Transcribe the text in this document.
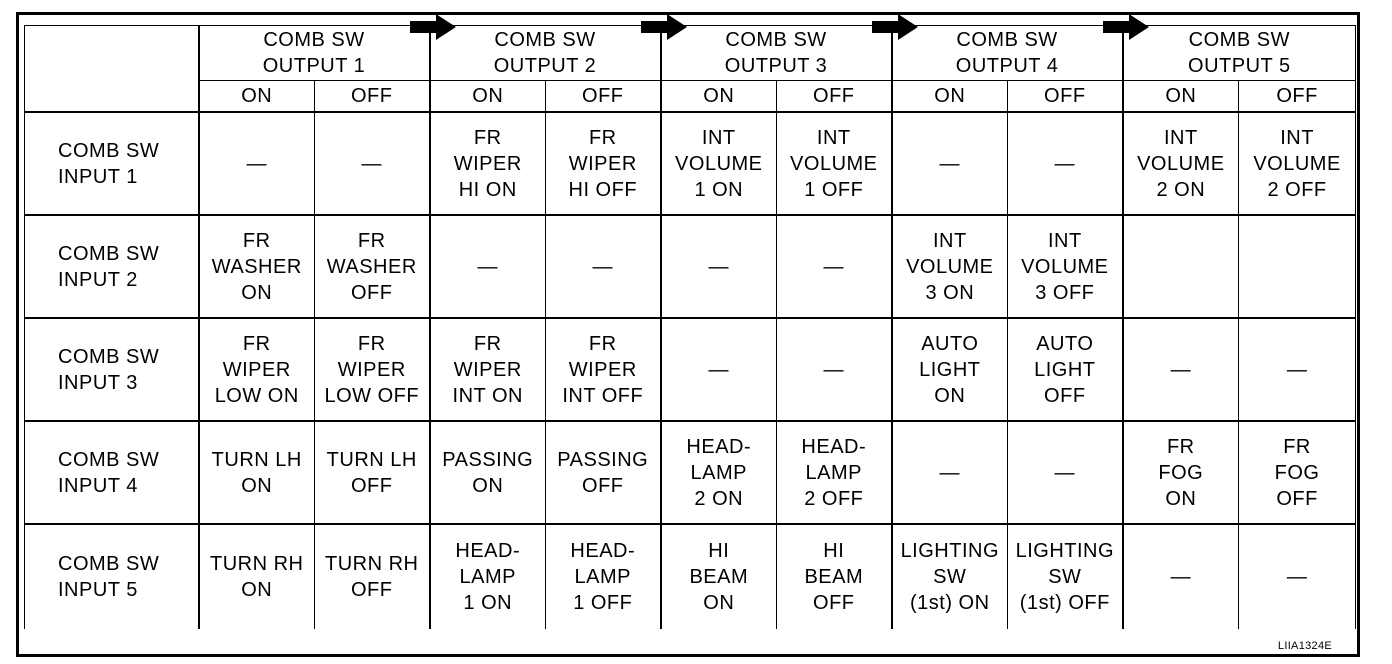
	COMB SW
OUTPUT 1		COMB SW
OUTPUT 2		COMB SW
OUTPUT 3		COMB SW
OUTPUT 4		COMB SW
OUTPUT 5	
	ON	OFF	ON	OFF	ON	OFF	ON	OFF	ON	OFF
COMB SW
INPUT 1	—	—	FR
WIPER
HI ON	FR
WIPER
HI OFF	INT
VOLUME
1 ON	INT
VOLUME
1 OFF	—	—	INT
VOLUME
2 ON	INT
VOLUME
2 OFF
COMB SW
INPUT 2	FR
WASHER
ON	FR
WASHER
OFF	—	—	—	—	INT
VOLUME
3 ON	INT
VOLUME
3 OFF		
COMB SW
INPUT 3	FR
WIPER
LOW ON	FR
WIPER
LOW OFF	FR
WIPER
INT ON	FR
WIPER
INT OFF	—	—	AUTO
LIGHT
ON	AUTO
LIGHT
OFF	—	—
COMB SW
INPUT 4	TURN LH
ON	TURN LH
OFF	PASSING
ON	PASSING
OFF	HEAD-
LAMP
2 ON	HEAD-
LAMP
2 OFF	—	—	FR
FOG
ON	FR
FOG
OFF
COMB SW
INPUT 5	TURN RH
ON	TURN RH
OFF	HEAD-
LAMP
1 ON	HEAD-
LAMP
1 OFF	HI
BEAM
ON	HI
BEAM
OFF	LIGHTING
SW
(1st) ON	LIGHTING
SW
(1st) OFF	—	—
LIIA1324E
